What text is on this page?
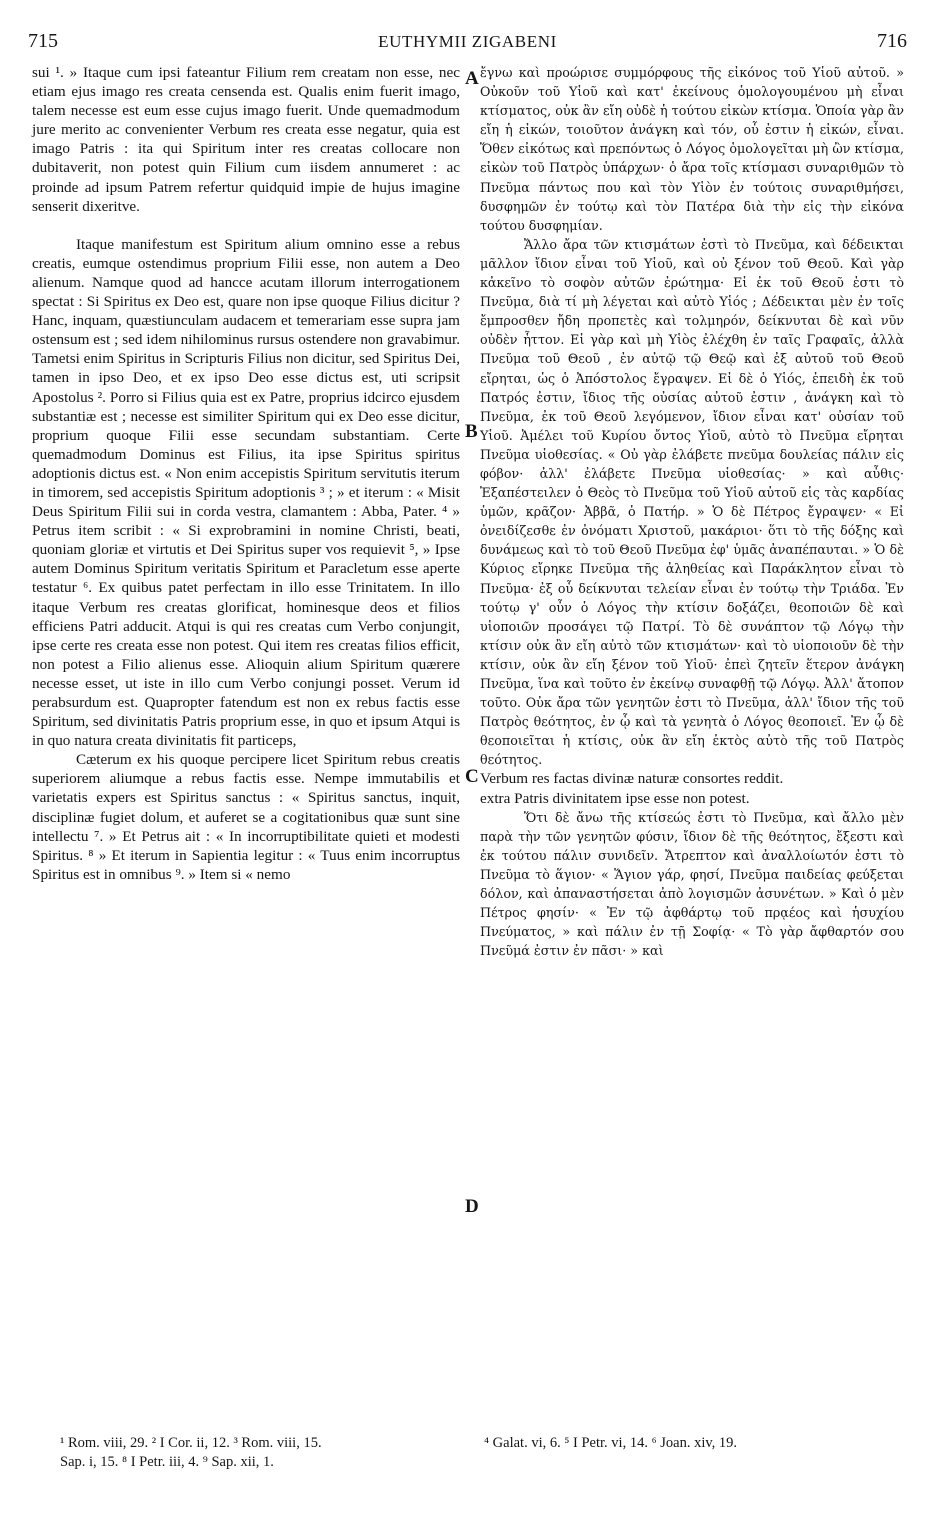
715	EUTHYMII ZIGABENI	716

sui ¹. » Itaque cum ipsi fateantur Filium rem creatam non esse, nec etiam ejus imago res creata censenda est. Qualis enim fuerit imago, talem necesse est eum esse cujus imago fuerit. Unde quemadmodum jure merito ac convenienter Verbum res creata esse negatur, quia est imago Patris : ita qui Spiritum inter res creatas collocare non dubitaverit, non potest quin Filium cum iisdem annumeret : ac proinde ad ipsum Patrem refertur quidquid impie de hujus imagine senserit dixeritve.

Itaque manifestum est Spiritum alium omnino esse a rebus creatis, eumque ostendimus proprium Filii esse, non autem a Deo alienum. Namque quod ad hancce acutam illorum interrogationem spectat : Si Spiritus ex Deo est, quare non ipse quoque Filius dicitur ? Hanc, inquam, quæstiunculam audacem et temerariam esse supra jam ostensum est ; sed idem nihilominus rursus ostendere non gravabimur. Tametsi enim Spiritus in Scripturis Filius non dicitur, sed Spiritus Dei, tamen in ipso Deo, et ex ipso Deo esse dictus est, uti scripsit Apostolus ². Porro si Filius quia est ex Patre, proprius idcirco ejusdem substantiæ est ; necesse est similiter Spiritum qui ex Deo esse dicitur, proprium quoque Filii esse secundam substantiam. Certe quemadmodum Dominus est Filius, ita ipse Spiritus spiritus adoptionis dictus est. « Non enim accepistis Spiritum servitutis iterum in timorem, sed accepistis Spiritum adoptionis ³ ; » et iterum : « Misit Deus Spiritum Filii sui in corda vestra, clamantem : Abba, Pater. ⁴ » Petrus item scribit : « Si exprobramini in nomine Christi, beati, quoniam gloriæ et virtutis et Dei Spiritus super vos requievit ⁵, » Ipse autem Dominus Spiritum veritatis Spiritum et Paracletum esse aperte testatur ⁶. Ex quibus patet perfectam in illo esse Trinitatem. In illo itaque Verbum res creatas glorificat, hominesque deos et filios efficiens Patri adducit. Atqui is qui res creatas cum Verbo conjungit, ipse certe res creata esse non potest. Qui item res creatas filios efficit, non potest a Filio alienus esse. Alioquin alium Spiritum quærere necesse esset, ut iste in illo cum Verbo conjungi posset. Verum id perabsurdum est. Quapropter fatendum est non ex rebus factis esse Spiritum, sed divinitatis Patris proprium esse, in quo et ipsum Atqui is in quo natura creata divinitatis fit particeps,

Cæterum ex his quoque percipere licet Spiritum rebus creatis superiorem aliumque a rebus factis esse. Nempe immutabilis et varietatis expers est Spiritus sanctus : « Spiritus sanctus, inquit, disciplinæ fugiet dolum, et auferet se a cogitationibus quæ sunt sine intellectu ⁷. » Et Petrus ait : « In incorruptibilitate quieti et modesti Spiritus. ⁸ » Et iterum in Sapientia legitur : « Tuus enim incorruptus Spiritus est in omnibus ⁹. » Item si « nemo

ἔγνω καὶ προώρισε συμμόρφους τῆς εἰκόνος τοῦ Υἱοῦ αὐτοῦ. » Οὐκοῦν τοῦ Υἱοῦ καὶ κατ' ἐκείνους ὁμολογουμένου μὴ εἶναι κτίσματος, οὐκ ἂν εἴη οὐδὲ ἡ τούτου εἰκὼν κτίσμα. Ὁποία γὰρ ἂν εἴη ἡ εἰκών, τοιοῦτον ἀνάγκη καὶ τόν, οὗ ἐστιν ἡ εἰκών, εἶναι. Ὅθεν εἰκότως καὶ πρεπόντως ὁ Λόγος ὁμολογεῖται μὴ ὢν κτίσμα, εἰκὼν τοῦ Πατρὸς ὑπάρχων· ὁ ἄρα τοῖς κτίσμασι συναριθμῶν τὸ Πνεῦμα πάντως που καὶ τὸν Υἱὸν ἐν τούτοις συναριθμήσει, δυσφημῶν ἐν τούτῳ καὶ τὸν Πατέρα διὰ τὴν εἰς τὴν εἰκόνα τούτου δυσφημίαν.

Ἄλλο ἄρα τῶν κτισμάτων ἐστὶ τὸ Πνεῦμα, καὶ δέδεικται μᾶλλον ἴδιον εἶναι τοῦ Υἱοῦ, καὶ οὐ ξένον τοῦ Θεοῦ. Καὶ γὰρ κἀκεῖνο τὸ σοφὸν αὐτῶν ἐρώτημα· Εἰ ἐκ τοῦ Θεοῦ ἐστι τὸ Πνεῦμα, διὰ τί μὴ λέγεται καὶ αὐτὸ Υἱός ; Δέδεικται μὲν ἐν τοῖς ἔμπροσθεν ἤδη προπετὲς καὶ τολμηρόν, δείκνυται δὲ καὶ νῦν οὐδὲν ἧττον. Εἰ γὰρ καὶ μὴ Υἱὸς ἐλέχθη ἐν ταῖς Γραφαῖς, ἀλλὰ Πνεῦμα τοῦ Θεοῦ , ἐν αὐτῷ τῷ Θεῷ καὶ ἐξ αὐτοῦ τοῦ Θεοῦ εἴρηται, ὡς ὁ Ἀπόστολος ἔγραψεν. Εἰ δὲ ὁ Υἱός, ἐπειδὴ ἐκ τοῦ Πατρός ἐστιν, ἴδιος τῆς οὐσίας αὐτοῦ ἐστιν , ἀνάγκη καὶ τὸ Πνεῦμα, ἐκ τοῦ Θεοῦ λεγόμενον, ἴδιον εἶναι κατ' οὐσίαν τοῦ Υἱοῦ. Ἀμέλει τοῦ Κυρίου ὄντος Υἱοῦ, αὐτὸ τὸ Πνεῦμα εἴρηται Πνεῦμα υἱοθεσίας. « Οὐ γὰρ ἐλάβετε πνεῦμα δουλείας πάλιν εἰς φόβον· ἀλλ' ἐλάβετε Πνεῦμα υἱοθεσίας· » καὶ αὖθις· Ἐξαπέστειλεν ὁ Θεὸς τὸ Πνεῦμα τοῦ Υἱοῦ αὐτοῦ εἰς τὰς καρδίας ὑμῶν, κρᾶζον· Ἀββᾶ, ὁ Πατήρ. » Ὁ δὲ Πέτρος ἔγραψεν· « Εἰ ὀνειδίζεσθε ἐν ὀνόματι Χριστοῦ, μακάριοι· ὅτι τὸ τῆς δόξης καὶ δυνάμεως καὶ τὸ τοῦ Θεοῦ Πνεῦμα ἐφ' ὑμᾶς ἀναπέπαυται. » Ὁ δὲ Κύριος εἴρηκε Πνεῦμα τῆς ἀληθείας καὶ Παράκλητον εἶναι τὸ Πνεῦμα· ἐξ οὗ δείκνυται τελείαν εἶναι ἐν τούτῳ τὴν Τριάδα. Ἐν τούτῳ γ' οὖν ὁ Λόγος τὴν κτίσιν δοξάζει, θεοποιῶν δὲ καὶ υἱοποιῶν προσάγει τῷ Πατρί. Τὸ δὲ συνάπτον τῷ Λόγῳ τὴν κτίσιν οὐκ ἂν εἴη αὐτὸ τῶν κτισμάτων· καὶ τὸ υἱοποιοῦν δὲ τὴν κτίσιν, οὐκ ἂν εἴη ξένον τοῦ Υἱοῦ· ἐπεὶ ζητεῖν ἕτερον ἀνάγκη Πνεῦμα, ἵνα καὶ τοῦτο ἐν ἐκείνῳ συναφθῇ τῷ Λόγῳ. Ἀλλ' ἄτοπον τοῦτο. Οὐκ ἄρα τῶν γενητῶν ἐστι τὸ Πνεῦμα, ἀλλ' ἴδιον τῆς τοῦ Πατρὸς θεότητος, ἐν ᾧ καὶ τὰ γενητὰ ὁ Λόγος θεοποιεῖ. Ἐν ᾧ δὲ θεοποιεῖται ἡ κτίσις, οὐκ ἂν εἴη ἐκτὸς αὐτὸ τῆς τοῦ Πατρὸς θεότητος.

Verbum res factas divinæ naturæ consortes reddit.

extra Patris divinitatem ipse esse non potest.

Ὅτι δὲ ἄνω τῆς κτίσεώς ἐστι τὸ Πνεῦμα, καὶ ἄλλο μὲν παρὰ τὴν τῶν γενητῶν φύσιν, ἴδιον δὲ τῆς θεότητος, ἔξεστι καὶ ἐκ τούτου πάλιν συνιδεῖν. Ἄτρεπτον καὶ ἀναλλοίωτόν ἐστι τὸ Πνεῦμα τὸ ἅγιον· « Ἅγιον γάρ, φησί, Πνεῦμα παιδείας φεύξεται δόλον, καὶ ἀπαναστήσεται ἀπὸ λογισμῶν ἀσυνέτων. » Καὶ ὁ μὲν Πέτρος φησίν· « Ἐν τῷ ἀφθάρτῳ τοῦ πρᾳέος καὶ ἡσυχίου Πνεύματος, » καὶ πάλιν ἐν τῇ Σοφίᾳ· « Τὸ γὰρ ἄφθαρτόν σου Πνεῦμά ἐστιν ἐν πᾶσι· » καὶ

A
B
C
D
¹ Rom. viii, 29. ² I Cor. ii, 12. ³ Rom. viii, 15.
Sap. i, 15. ⁸ I Petr. iii, 4. ⁹ Sap. xii, 1.
⁴ Galat. vi, 6. ⁵ I Petr. vi, 14. ⁶ Joan. xiv, 19.
